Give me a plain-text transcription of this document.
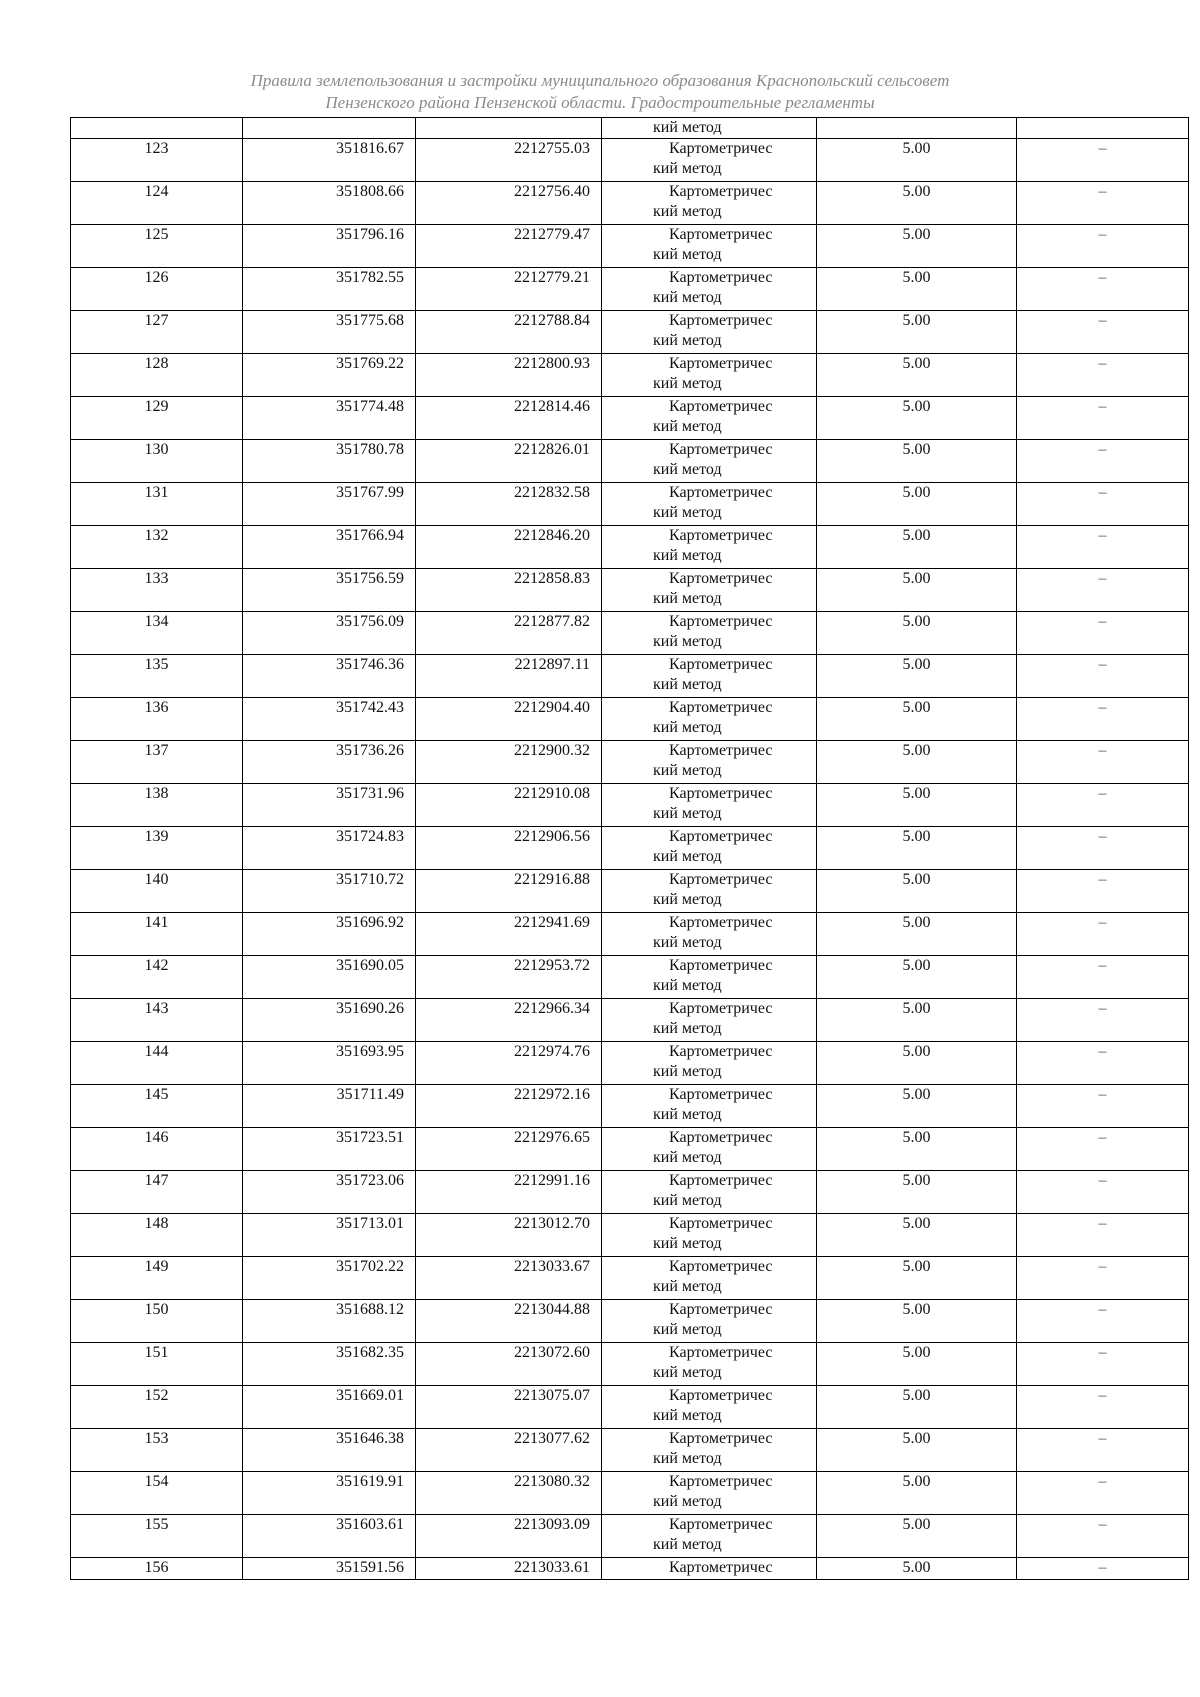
Правила землепользования и застройки муниципального образования Краснопольский сельсовет
Пензенского района Пензенской области. Градостроительные регламенты

			кий метод		

123	351816.67	2212755.03	Картометричес
кий метод	5.00	–
124	351808.66	2212756.40	Картометричес
кий метод	5.00	–
125	351796.16	2212779.47	Картометричес
кий метод	5.00	–
126	351782.55	2212779.21	Картометричес
кий метод	5.00	–
127	351775.68	2212788.84	Картометричес
кий метод	5.00	–
128	351769.22	2212800.93	Картометричес
кий метод	5.00	–
129	351774.48	2212814.46	Картометричес
кий метод	5.00	–
130	351780.78	2212826.01	Картометричес
кий метод	5.00	–
131	351767.99	2212832.58	Картометричес
кий метод	5.00	–
132	351766.94	2212846.20	Картометричес
кий метод	5.00	–
133	351756.59	2212858.83	Картометричес
кий метод	5.00	–
134	351756.09	2212877.82	Картометричес
кий метод	5.00	–
135	351746.36	2212897.11	Картометричес
кий метод	5.00	–
136	351742.43	2212904.40	Картометричес
кий метод	5.00	–
137	351736.26	2212900.32	Картометричес
кий метод	5.00	–
138	351731.96	2212910.08	Картометричес
кий метод	5.00	–
139	351724.83	2212906.56	Картометричес
кий метод	5.00	–
140	351710.72	2212916.88	Картометричес
кий метод	5.00	–
141	351696.92	2212941.69	Картометричес
кий метод	5.00	–
142	351690.05	2212953.72	Картометричес
кий метод	5.00	–
143	351690.26	2212966.34	Картометричес
кий метод	5.00	–
144	351693.95	2212974.76	Картометричес
кий метод	5.00	–
145	351711.49	2212972.16	Картометричес
кий метод	5.00	–
146	351723.51	2212976.65	Картометричес
кий метод	5.00	–
147	351723.06	2212991.16	Картометричес
кий метод	5.00	–
148	351713.01	2213012.70	Картометричес
кий метод	5.00	–
149	351702.22	2213033.67	Картометричес
кий метод	5.00	–
150	351688.12	2213044.88	Картометричес
кий метод	5.00	–
151	351682.35	2213072.60	Картометричес
кий метод	5.00	–
152	351669.01	2213075.07	Картометричес
кий метод	5.00	–
153	351646.38	2213077.62	Картометричес
кий метод	5.00	–
154	351619.91	2213080.32	Картометричес
кий метод	5.00	–
155	351603.61	2213093.09	Картометричес
кий метод	5.00	–
156	351591.56	2213033.61	Картометричес	5.00	–
